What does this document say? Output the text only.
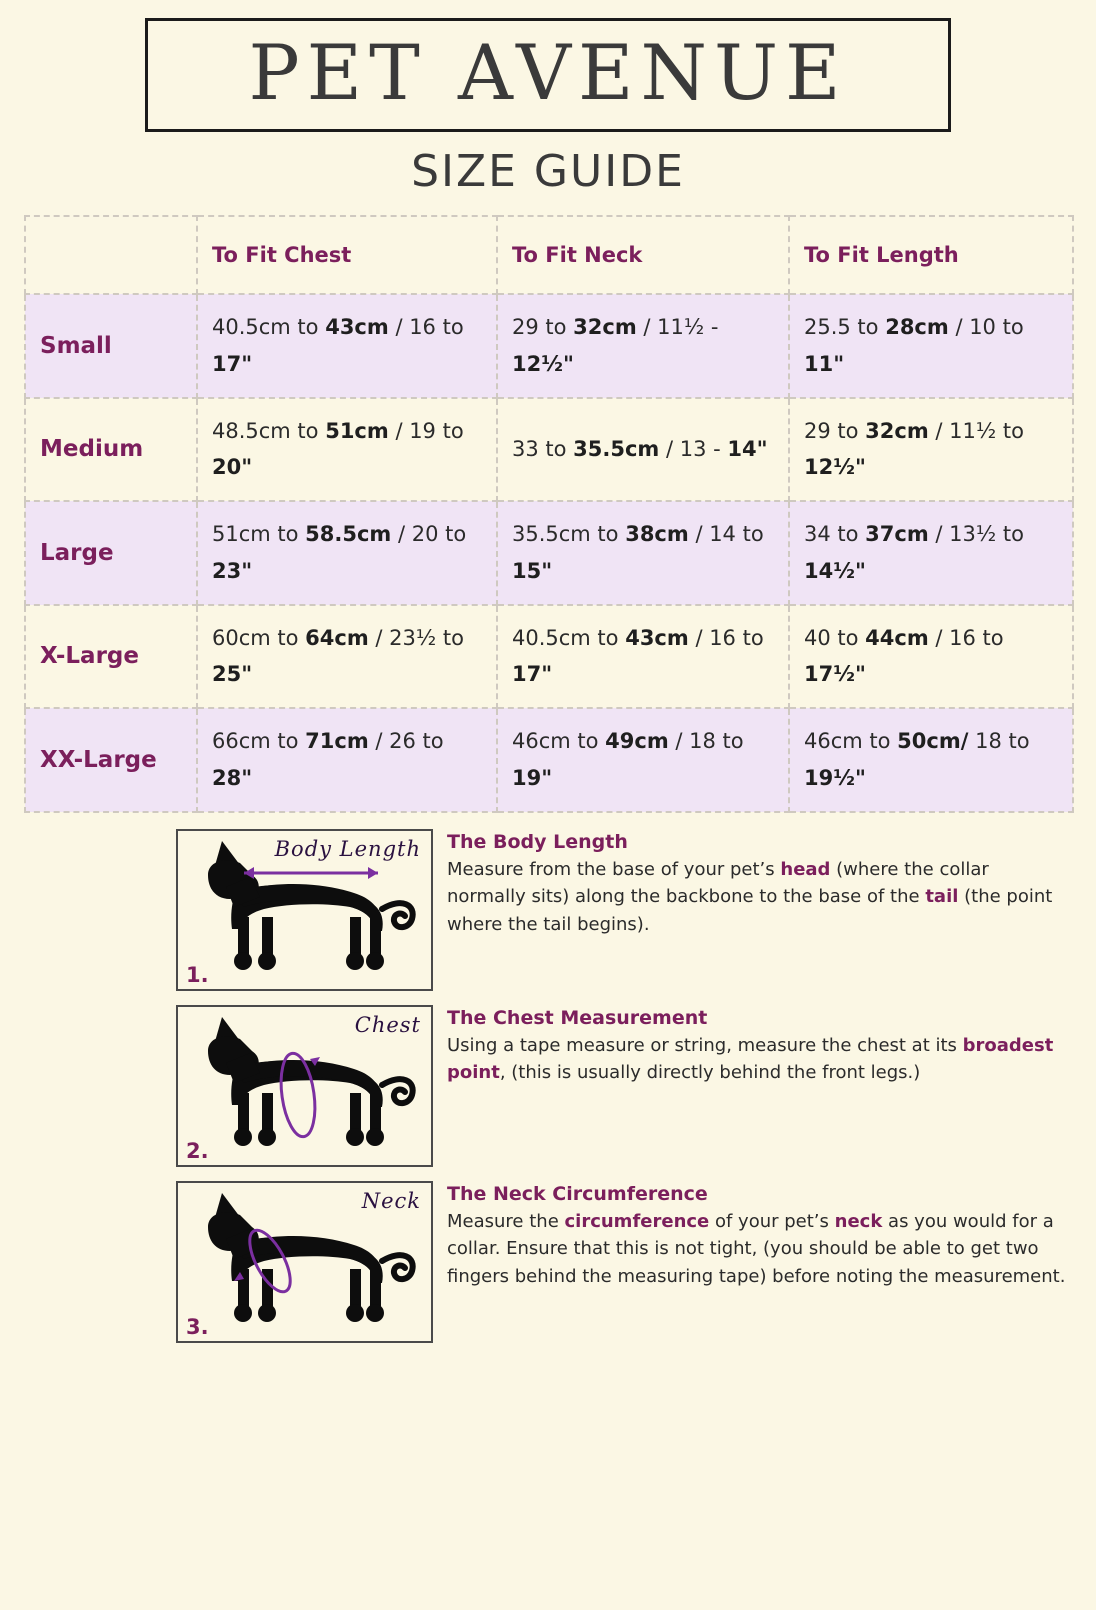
PET AVENUE
SIZE GUIDE
	To Fit Chest	To Fit Neck	To Fit Length
Small	40.5cm to 43cm / 16 to 17"	29 to 32cm / 11½ - 12½"	25.5 to 28cm / 10 to 11"
Medium	48.5cm to 51cm / 19 to 20"	33 to 35.5cm / 13 - 14"	29 to 32cm / 11½ to 12½"
Large	51cm to 58.5cm / 20 to 23"	35.5cm to 38cm / 14 to 15"	34 to 37cm / 13½ to 14½"
X-Large	60cm to 64cm / 23½ to 25"	40.5cm to 43cm / 16 to 17"	40 to 44cm / 16 to 17½"
XX-Large	66cm to 71cm / 26 to 28"	46cm to 49cm / 18 to 19"	46cm to 50cm/ 18 to 19½"
Body Length
1.
The Body Length
Measure from the base of your pet’s head (where the collar normally sits) along the backbone to the base of the tail (the point where the tail begins).
Chest
2.
The Chest Measurement
Using a tape measure or string, measure the chest at its broadest point, (this is usually directly behind the front legs.)
Neck
3.
The Neck Circumference
Measure the circumference of your pet’s neck as you would for a collar. Ensure that this is not tight, (you should be able to get two fingers behind the measuring tape) before noting the measurement.
